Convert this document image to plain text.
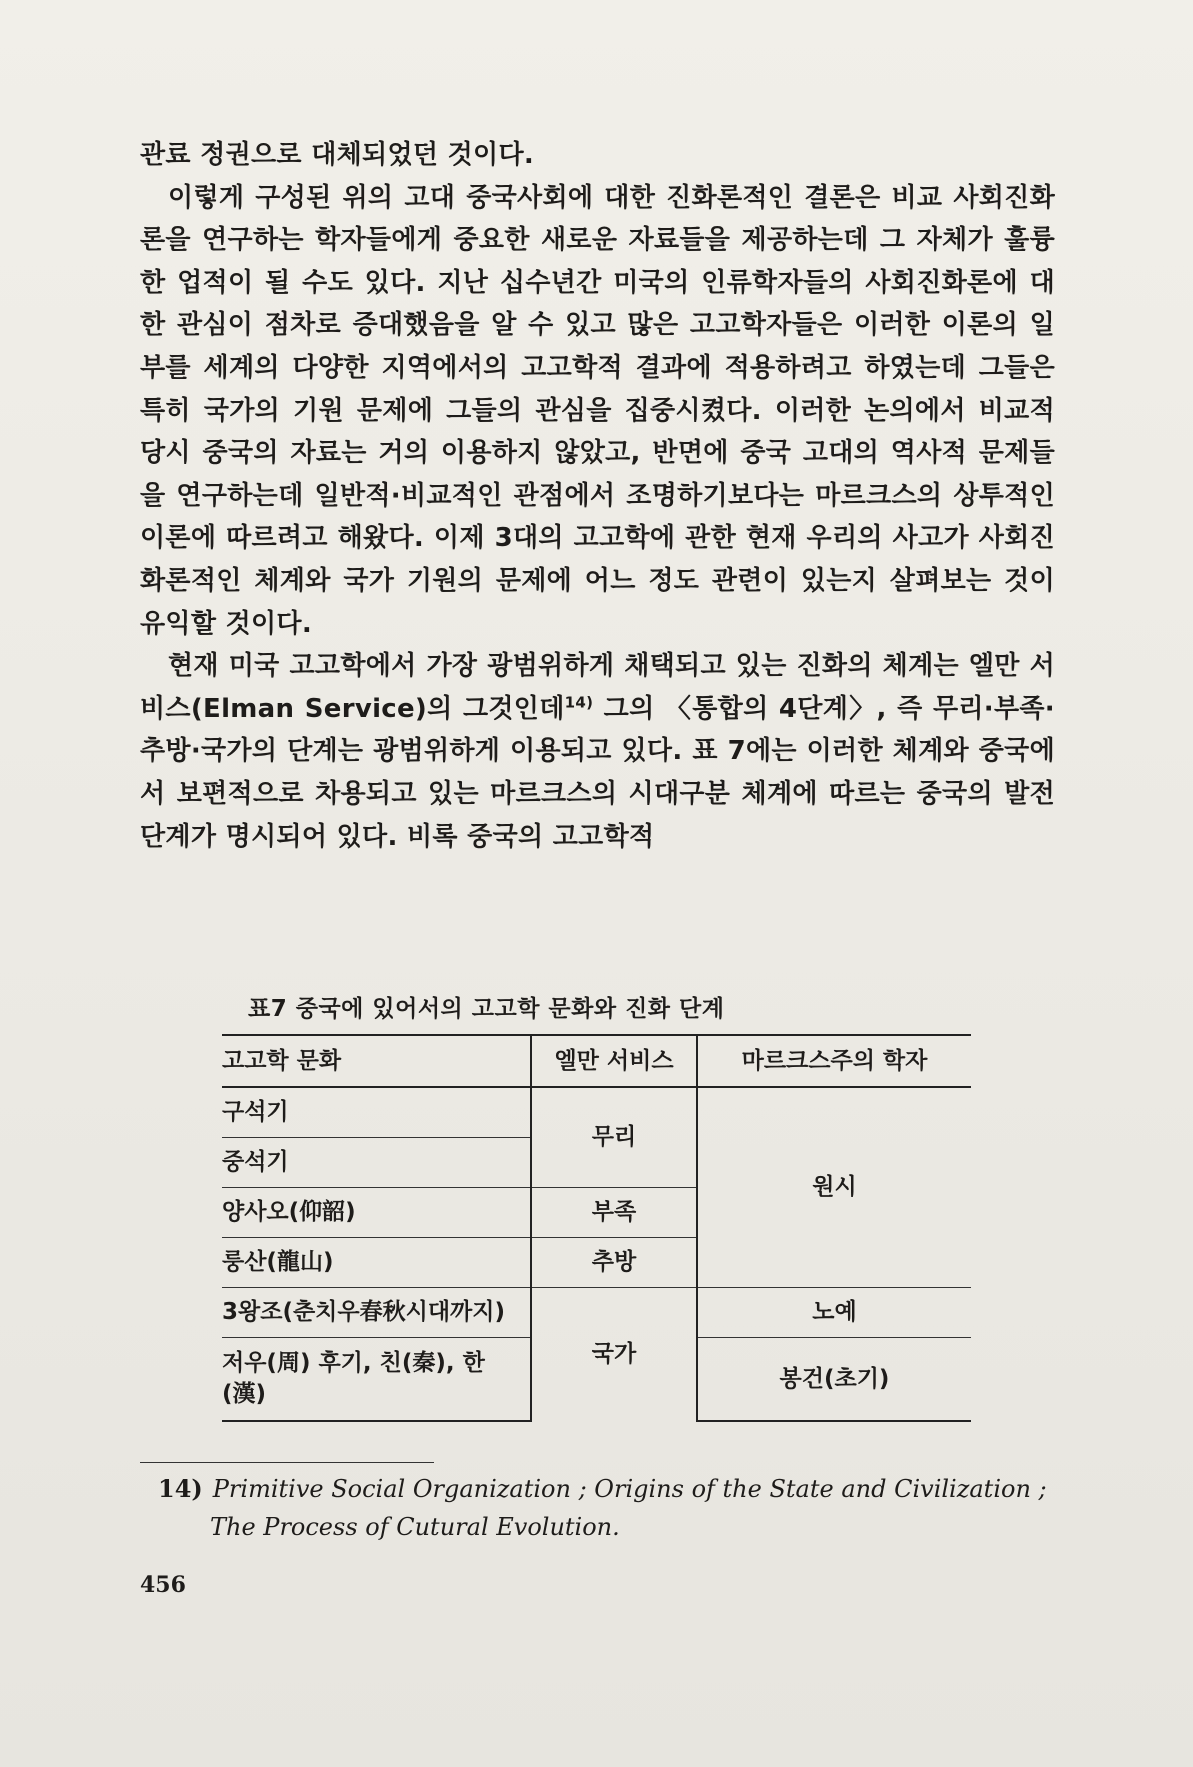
관료 정권으로 대체되었던 것이다.

이렇게 구성된 위의 고대 중국사회에 대한 진화론적인 결론은 비교 사회진화론을 연구하는 학자들에게 중요한 새로운 자료들을 제공하는데 그 자체가 훌륭한 업적이 될 수도 있다. 지난 십수년간 미국의 인류학자들의 사회진화론에 대한 관심이 점차로 증대했음을 알 수 있고 많은 고고학자들은 이러한 이론의 일부를 세계의 다양한 지역에서의 고고학적 결과에 적용하려고 하였는데 그들은 특히 국가의 기원 문제에 그들의 관심을 집중시켰다. 이러한 논의에서 비교적 당시 중국의 자료는 거의 이용하지 않았고, 반면에 중국 고대의 역사적 문제들을 연구하는데 일반적·비교적인 관점에서 조명하기보다는 마르크스의 상투적인 이론에 따르려고 해왔다. 이제 3대의 고고학에 관한 현재 우리의 사고가 사회진화론적인 체계와 국가 기원의 문제에 어느 정도 관련이 있는지 살펴보는 것이 유익할 것이다.

현재 미국 고고학에서 가장 광범위하게 채택되고 있는 진화의 체계는 엘만 서비스(Elman Service)의 그것인데$^{14)}$ 그의 〈통합의 4단계〉, 즉 무리·부족·추방·국가의 단계는 광범위하게 이용되고 있다. 표 7에는 이러한 체계와 중국에서 보편적으로 차용되고 있는 마르크스의 시대구분 체계에 따르는 중국의 발전단계가 명시되어 있다. 비록 중국의 고고학적

표7 중국에 있어서의 고고학 문화와 진화 단계
고고학 문화	엘만 서비스	마르크스주의 학자
구석기	무리	원시
중석기		
양사오(仰韶)	부족	
룽산(龍山)	추방	
3왕조(춘치우春秋시대까지)	국가	노예
저우(周) 후기, 친(秦), 한(漢)		봉건(초기)
14) Primitive Social Organization ; Origins of the State and Civilization ;
The Process of Cutural Evolution.
456
